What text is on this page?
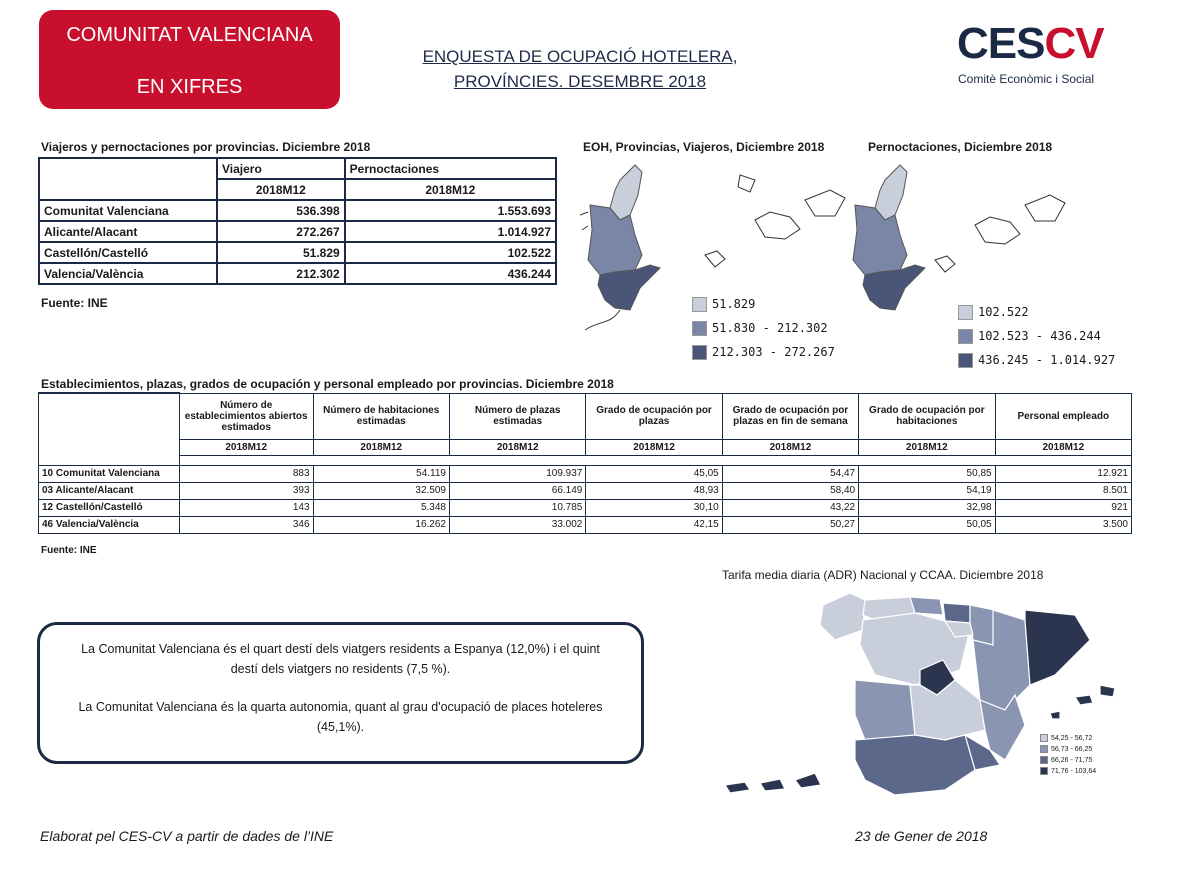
COMUNITAT VALENCIANA
EN XIFRES
ENQUESTA DE OCUPACIÓ HOTELERA,
PROVÍNCIES. DESEMBRE 2018
CESCV
Comitè Econòmic i Social
Viajeros y pernoctaciones por provincias. Diciembre 2018
	Viajero	Pernoctaciones
	2018M12	2018M12
Comunitat Valenciana	536.398	1.553.693
Alicante/Alacant	272.267	1.014.927
Castellón/Castelló	51.829	102.522
Valencia/València	212.302	436.244
Fuente: INE
EOH, Provincias, Viajeros, Diciembre 2018
51.829
51.830 - 212.302
212.303 - 272.267
Pernoctaciones, Diciembre 2018
102.522
102.523 - 436.244
436.245 - 1.014.927
Establecimientos, plazas, grados de ocupación y personal empleado por provincias. Diciembre 2018
	Número de establecimientos abiertos estimados	Número de habitaciones estimadas	Número de plazas estimadas	Grado de ocupación por plazas	Grado de ocupación por plazas en fin de semana	Grado de ocupación por habitaciones	Personal empleado
	2018M12	2018M12	2018M12	2018M12	2018M12	2018M12	2018M12

10 Comunitat Valenciana	883	54.119	109.937	45,05	54,47	50,85	12.921
03 Alicante/Alacant	393	32.509	66.149	48,93	58,40	54,19	8.501
12 Castellón/Castelló	143	5.348	10.785	30,10	43,22	32,98	921
46 Valencia/València	346	16.262	33.002	42,15	50,27	50,05	3.500
Fuente: INE

La Comunitat Valenciana és el quart destí dels viatgers residents a Espanya (12,0%) i el quint destí dels viatgers no residents (7,5 %).

La Comunitat Valenciana és la quarta autonomia, quant al grau d'ocupació de places hoteleres (45,1%).

Tarifa media diaria (ADR) Nacional y CCAA. Diciembre 2018
54,25 - 56,72
56,73 - 66,25
66,26 - 71,75
71,76 - 103,64
Elaborat pel CES-CV a partir de dades de l’INE	23 de Gener de 2018
